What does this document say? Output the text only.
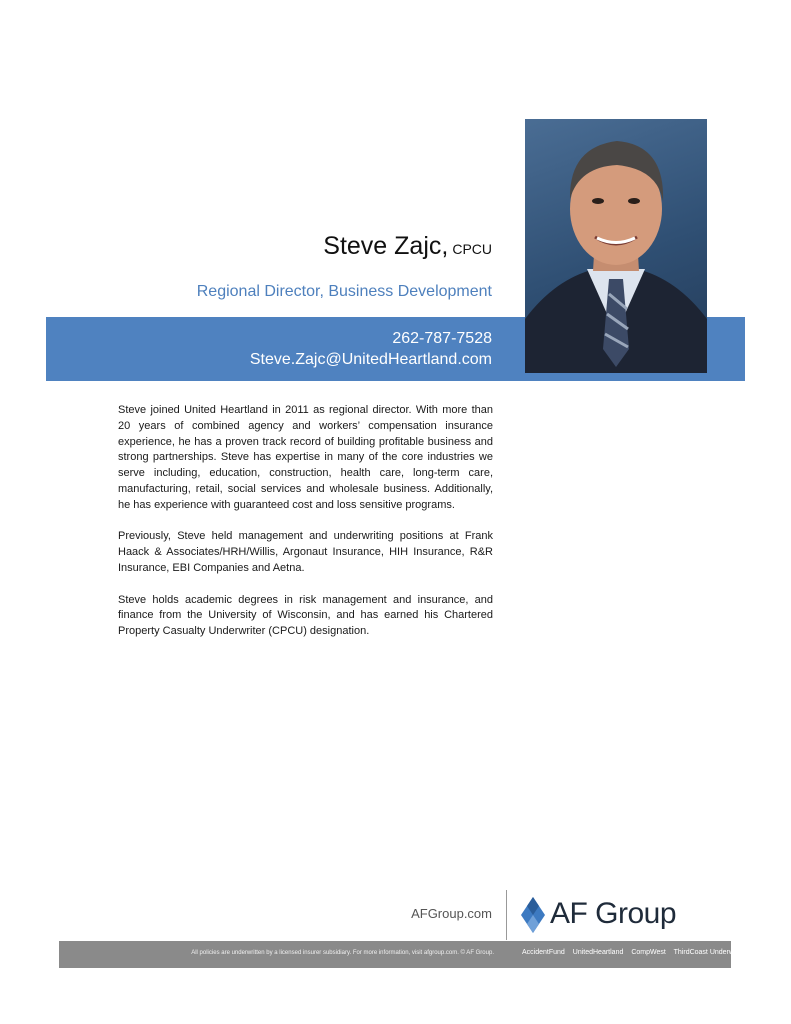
Steve Zajc, CPCU
Regional Director, Business Development
262-787-7528
Steve.Zajc@UnitedHeartland.com

Steve joined United Heartland in 2011 as regional director. With more than 20 years of combined agency and workers’ compensation insurance experience, he has a proven track record of building profitable business and strong partnerships. Steve has expertise in many of the core industries we serve including, education, construction, health care, long-term care, manufacturing, retail, social services and wholesale business. Additionally, he has experience with guaranteed cost and loss sensitive programs.

Previously, Steve held management and underwriting positions at Frank Haack & Associates/HRH/Willis, Argonaut Insurance, HIH Insurance, R&R Insurance, EBI Companies and Aetna.

Steve holds academic degrees in risk management and insurance, and finance from the University of Wisconsin, and has earned his Chartered Property Casualty Underwriter (CPCU) designation.

AFGroup.com AF Group
All policies are underwritten by a licensed insurer subsidiary. For more information, visit afgroup.com. © AF Group.	AccidentFund UnitedHeartland CompWest ThirdCoast Underwriters
